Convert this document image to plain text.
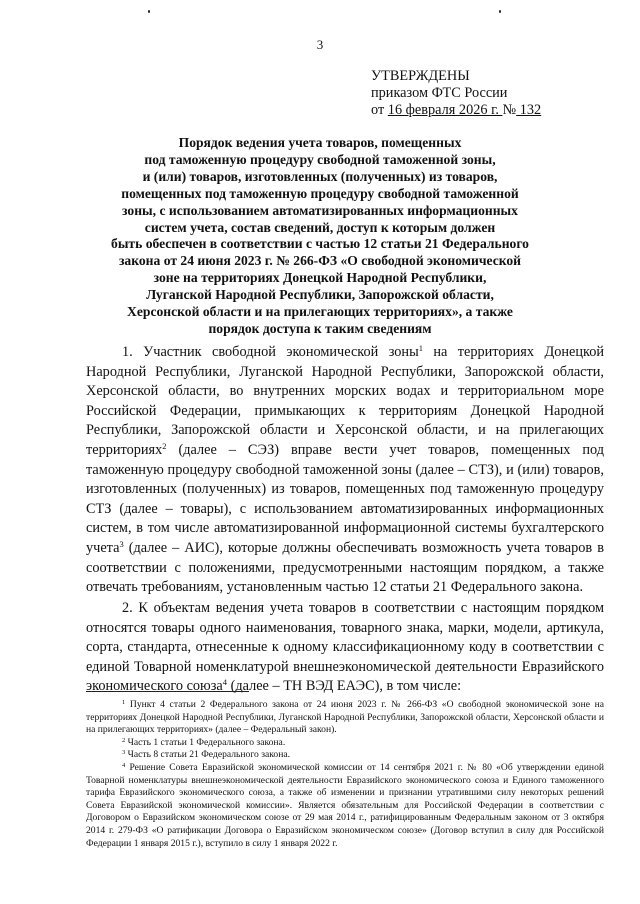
3
УТВЕРЖДЕНЫ
приказом ФТС России
от 16 февраля 2026 г. № 132
Порядок ведения учета товаров, помещенных
под таможенную процедуру свободной таможенной зоны,
и (или) товаров, изготовленных (полученных) из товаров,
помещенных под таможенную процедуру свободной таможенной
зоны, с использованием автоматизированных информационных
систем учета, состав сведений, доступ к которым должен
быть обеспечен в соответствии с частью 12 статьи 21 Федерального
закона от 24 июня 2023 г. № 266-ФЗ «О свободной экономической
зоне на территориях Донецкой Народной Республики,
Луганской Народной Республики, Запорожской области,
Херсонской области и на прилегающих территориях», а также
порядок доступа к таким сведениям

1. Участник свободной экономической зоны$^1$ на территориях Донецкой Народной Республики, Луганской Народной Республики, Запорожской области, Херсонской области, во внутренних морских водах и территориальном море Российской Федерации, примыкающих к территориям Донецкой Народной Республики, Запорожской области и Херсонской области, и на прилегающих территориях$^2$ (далее – СЭЗ) вправе вести учет товаров, помещенных под таможенную процедуру свободной таможенной зоны (далее – СТЗ), и (или) товаров, изготовленных (полученных) из товаров, помещенных под таможенную процедуру СТЗ (далее – товары), с использованием автоматизированных информационных систем, в том числе автоматизированной информационной системы бухгалтерского учета$^3$ (далее – АИС), которые должны обеспечивать возможность учета товаров в соответствии с положениями, предусмотренными настоящим порядком, а также отвечать требованиям, установленным частью 12 статьи 21 Федерального закона.

2. К объектам ведения учета товаров в соответствии с настоящим порядком относятся товары одного наименования, товарного знака, марки, модели, артикула, сорта, стандарта, отнесенные к одному классификационному коду в соответствии с единой Товарной номенклатурой внешнеэкономической деятельности Евразийского экономического союза$^4$ (далее – ТН ВЭД ЕАЭС), в том числе:

$^1$ Пункт 4 статьи 2 Федерального закона от 24 июня 2023 г. № 266-ФЗ «О свободной экономической зоне на территориях Донецкой Народной Республики, Луганской Народной Республики, Запорожской области, Херсонской области и на прилегающих территориях» (далее – Федеральный закон).

$^2$ Часть 1 статьи 1 Федерального закона.

$^3$ Часть 8 статьи 21 Федерального закона.

$^4$ Решение Совета Евразийской экономической комиссии от 14 сентября 2021 г. № 80 «Об утверждении единой Товарной номенклатуры внешнеэкономической деятельности Евразийского экономического союза и Единого таможенного тарифа Евразийского экономического союза, а также об изменении и признании утратившими силу некоторых решений Совета Евразийской экономической комиссии». Является обязательным для Российской Федерации в соответствии с Договором о Евразийском экономическом союзе от 29 мая 2014 г., ратифицированным Федеральным законом от 3 октября 2014 г. 279-ФЗ «О ратификации Договора о Евразийском экономическом союзе» (Договор вступил в силу для Российской Федерации 1 января 2015 г.), вступило в силу 1 января 2022 г.
